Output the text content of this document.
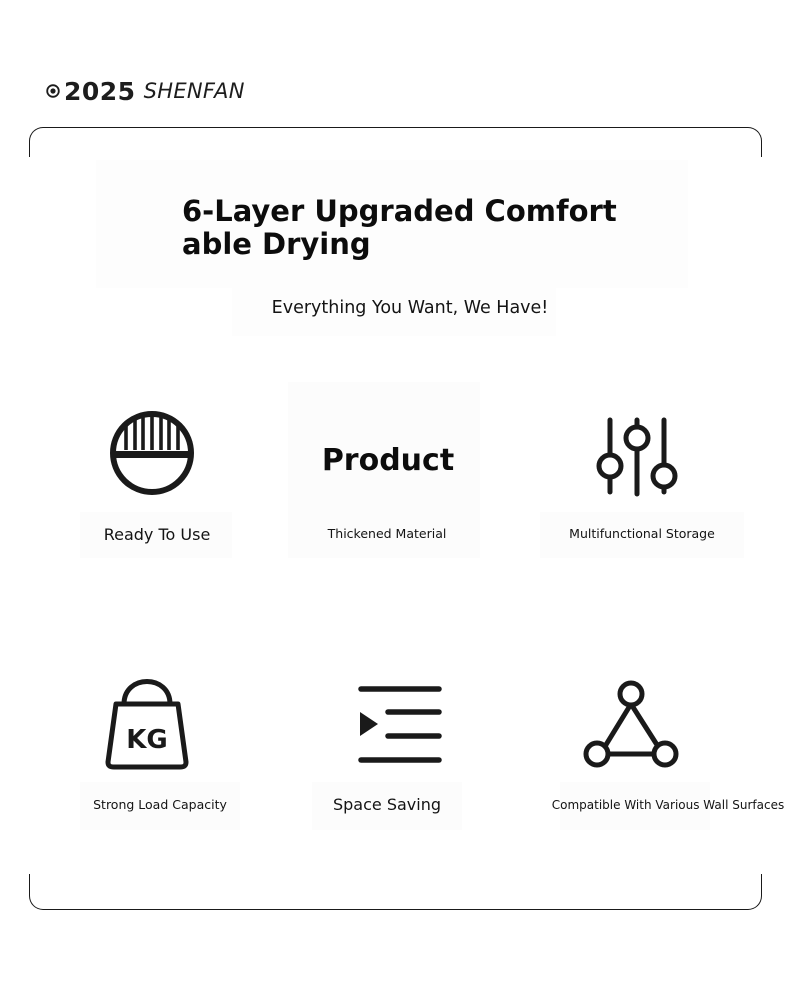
2025 SHENFAN
6-Layer Upgraded Comfortable Drying
Everything You Want, We Have!
Ready To Use
Product
Thickened Material	Multifunctional Storage
KG
Strong Load Capacity	Space Saving	Compatible With Various Wall Surfaces
